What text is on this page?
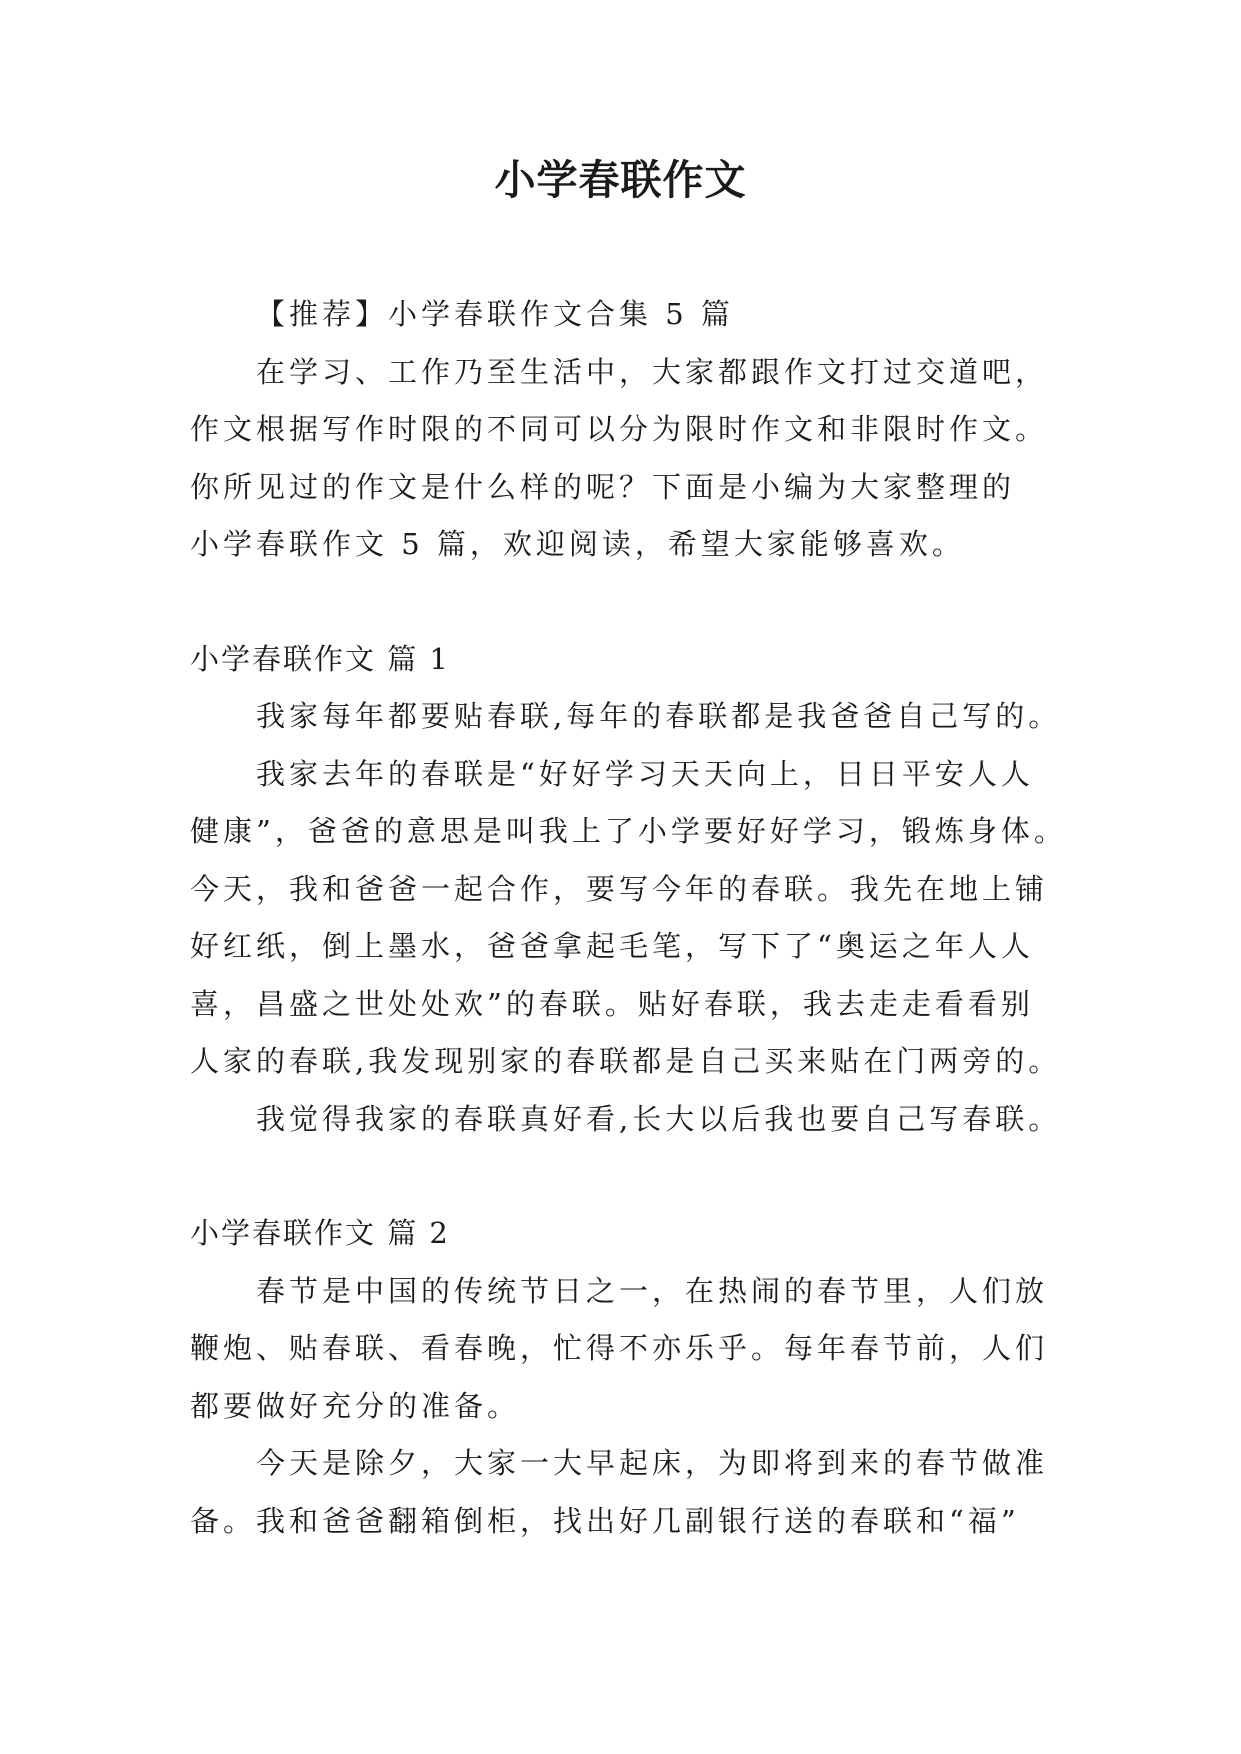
小学春联作文
【推荐】小学春联作文合集 5 篇
在学习、工作乃至生活中，大家都跟作文打过交道吧，
作文根据写作时限的不同可以分为限时作文和非限时作文。
你所见过的作文是什么样的呢？下面是小编为大家整理的
小学春联作文 5 篇，欢迎阅读，希望大家能够喜欢。
小学春联作文 篇 1
我家每年都要贴春联,每年的春联都是我爸爸自己写的。
我家去年的春联是“好好学习天天向上，日日平安人人
健康”，爸爸的意思是叫我上了小学要好好学习，锻炼身体。
今天，我和爸爸一起合作，要写今年的春联。我先在地上铺
好红纸，倒上墨水，爸爸拿起毛笔，写下了“奥运之年人人
喜，昌盛之世处处欢”的春联。贴好春联，我去走走看看别
人家的春联,我发现别家的春联都是自己买来贴在门两旁的。
我觉得我家的春联真好看,长大以后我也要自己写春联。
小学春联作文 篇 2
春节是中国的传统节日之一，在热闹的春节里，人们放
鞭炮、贴春联、看春晚，忙得不亦乐乎。每年春节前，人们
都要做好充分的准备。
今天是除夕，大家一大早起床，为即将到来的春节做准
备。我和爸爸翻箱倒柜，找出好几副银行送的春联和“福”
